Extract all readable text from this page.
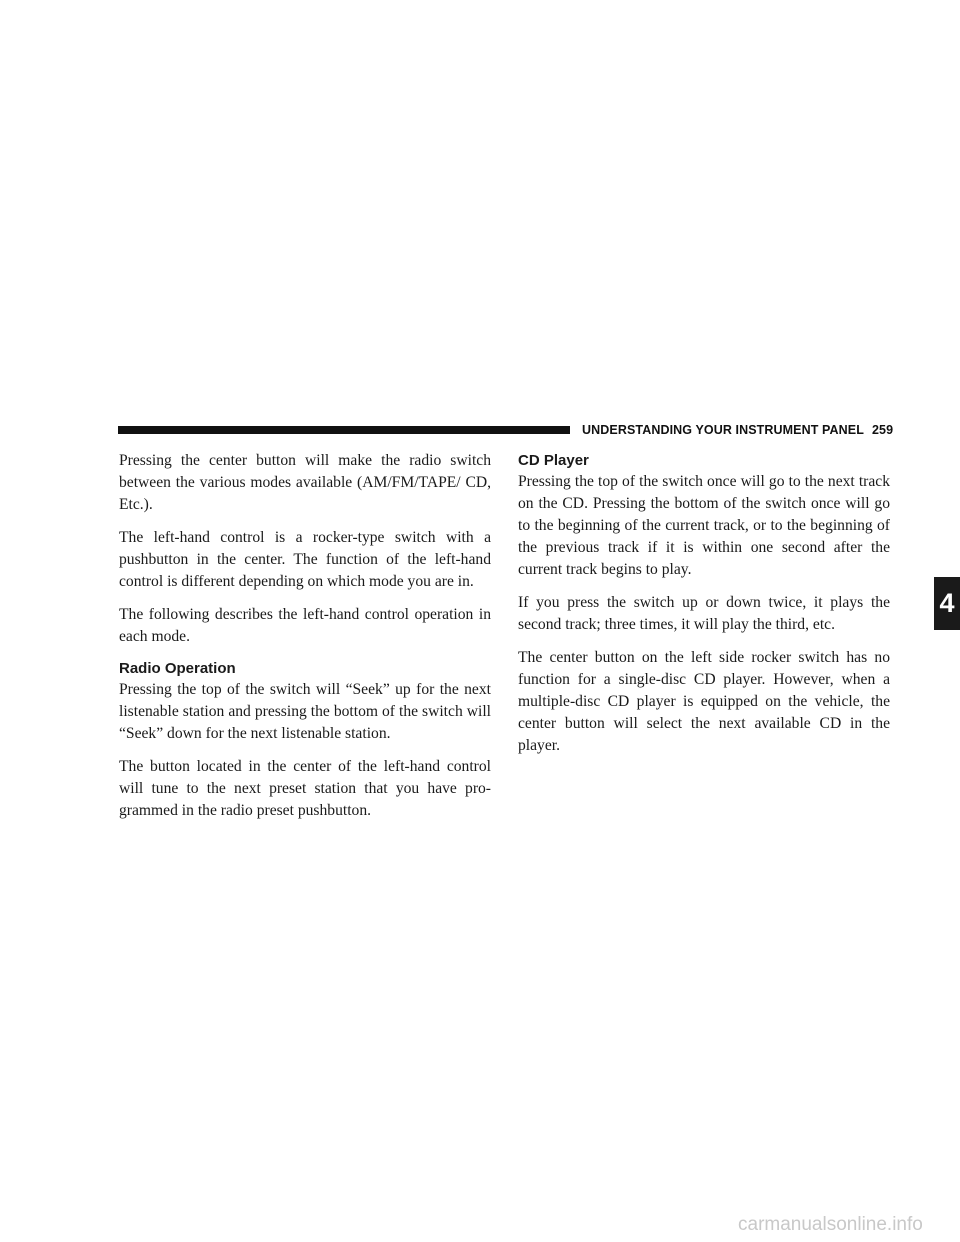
UNDERSTANDING YOUR INSTRUMENT PANEL 259
4

Pressing the center button will make the radio switch between the various modes available (AM/FM/TAPE/ CD, Etc.).

The left-hand control is a rocker-type switch with a pushbutton in the center. The function of the left-hand control is different depending on which mode you are in.

The following describes the left-hand control operation in each mode.

Radio Operation

Pressing the top of the switch will “Seek” up for the next listenable station and pressing the bottom of the switch will “Seek” down for the next listenable station.

The button located in the center of the left-hand control will tune to the next preset station that you have pro- grammed in the radio preset pushbutton.

CD Player

Pressing the top of the switch once will go to the next track on the CD. Pressing the bottom of the switch once will go to the beginning of the current track, or to the beginning of the previous track if it is within one second after the current track begins to play.

If you press the switch up or down twice, it plays the second track; three times, it will play the third, etc.

The center button on the left side rocker switch has no function for a single-disc CD player. However, when a multiple-disc CD player is equipped on the vehicle, the center button will select the next available CD in the player.

carmanualsonline.info
